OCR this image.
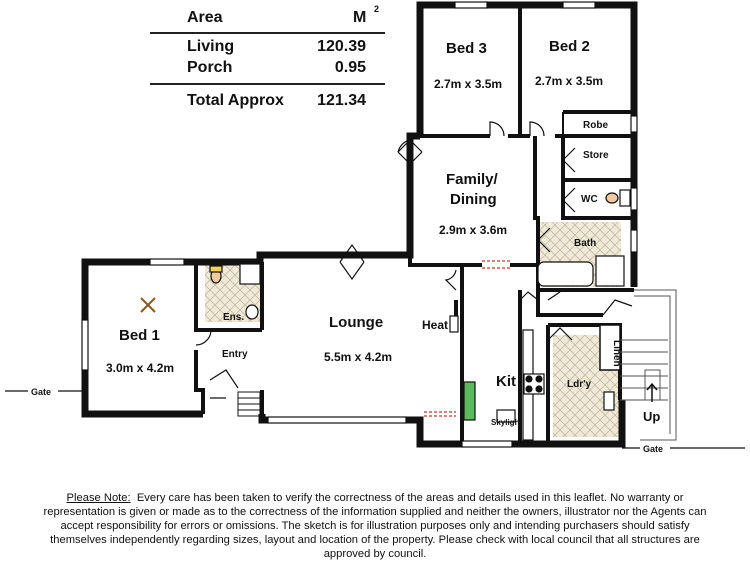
Area	M 2
Living	120.39
Porch	0.95
Total Approx	121.34
Bed 3
2.7m x 3.5m
Bed 2
2.7m x 3.5m
Robe
Store
Family/
Dining
2.9m x 3.6m
WC
Bath
Bed 1
3.0m x 4.2m
Ens.
Entry
Lounge
5.5m x 4.2m
Heat
Kit
Skylight
Linen
Ldr'y
Up
Gate
Gate
Please Note: Every care has been taken to verify the correctness of the areas and details used in this leaflet. No warranty or representation is given or made as to the correctness of the information supplied and neither the owners, illustrator nor the Agents can accept responsibility for errors or omissions. The sketch is for illustration purposes only and intending purchasers should satisfy themselves independently regarding sizes, layout and location of the property. Please check with local council that all structures are approved by council.
